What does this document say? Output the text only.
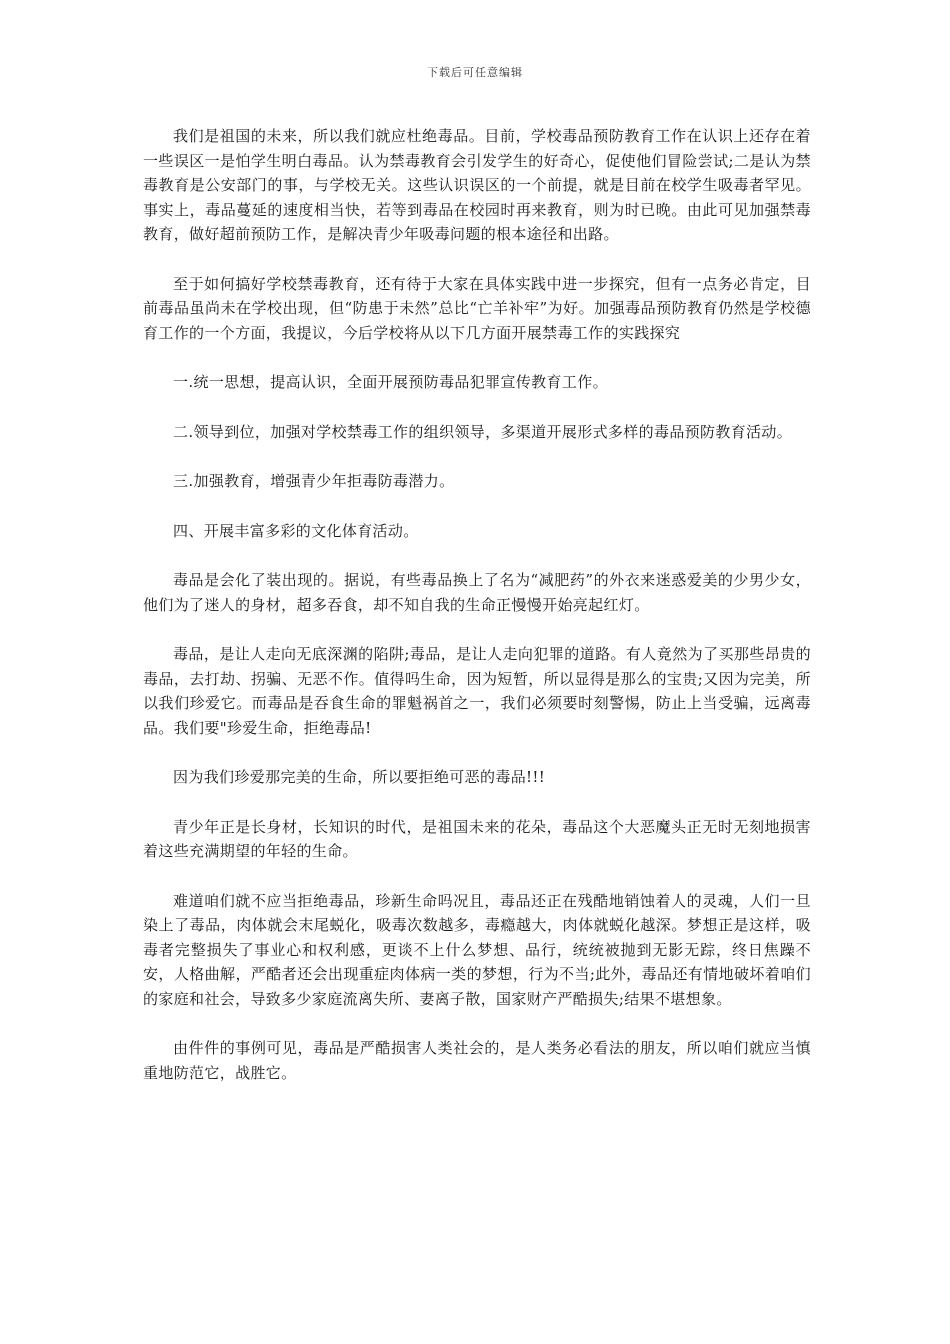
下载后可任意编辑

我们是祖国的未来，所以我们就应杜绝毒品。目前，学校毒品预防教育工作在认识上还存在着一些误区一是怕学生明白毒品。认为禁毒教育会引发学生的好奇心，促使他们冒险尝试;二是认为禁毒教育是公安部门的事，与学校无关。这些认识误区的一个前提，就是目前在校学生吸毒者罕见。事实上，毒品蔓延的速度相当快，若等到毒品在校园时再来教育，则为时已晚。由此可见加强禁毒教育，做好超前预防工作，是解决青少年吸毒问题的根本途径和出路。

至于如何搞好学校禁毒教育，还有待于大家在具体实践中进一步探究，但有一点务必肯定，目前毒品虽尚未在学校出现，但“防患于未然”总比“亡羊补牢”为好。加强毒品预防教育仍然是学校德育工作的一个方面，我提议，今后学校将从以下几方面开展禁毒工作的实践探究

一.统一思想，提高认识，全面开展预防毒品犯罪宣传教育工作。

二.领导到位，加强对学校禁毒工作的组织领导，多渠道开展形式多样的毒品预防教育活动。

三.加强教育，增强青少年拒毒防毒潜力。

四、开展丰富多彩的文化体育活动。

毒品是会化了装出现的。据说，有些毒品换上了名为“减肥药”的外衣来迷惑爱美的少男少女，他们为了迷人的身材，超多吞食，却不知自我的生命正慢慢开始亮起红灯。

毒品，是让人走向无底深渊的陷阱;毒品，是让人走向犯罪的道路。有人竟然为了买那些昂贵的毒品，去打劫、拐骗、无恶不作。值得吗生命，因为短暂，所以显得是那么的宝贵;又因为完美，所以我们珍爱它。而毒品是吞食生命的罪魁祸首之一，我们必须要时刻警惕，防止上当受骗，远离毒品。我们要"珍爱生命，拒绝毒品!

因为我们珍爱那完美的生命，所以要拒绝可恶的毒品!!!

青少年正是长身材，长知识的时代，是祖国未来的花朵，毒品这个大恶魔头正无时无刻地损害着这些充满期望的年轻的生命。

难道咱们就不应当拒绝毒品，珍新生命吗况且，毒品还正在残酷地销蚀着人的灵魂，人们一旦染上了毒品，肉体就会末尾蜕化，吸毒次数越多，毒瘾越大，肉体就蜕化越深。梦想正是这样，吸毒者完整损失了事业心和权利感，更谈不上什么梦想、品行，统统被抛到无影无踪，终日焦躁不安，人格曲解，严酷者还会出现重症肉体病一类的梦想，行为不当;此外，毒品还有情地破坏着咱们的家庭和社会，导致多少家庭流离失所、妻离子散，国家财产严酷损失;结果不堪想象。

由件件的事例可见，毒品是严酷损害人类社会的，是人类务必看法的朋友，所以咱们就应当慎重地防范它，战胜它。
